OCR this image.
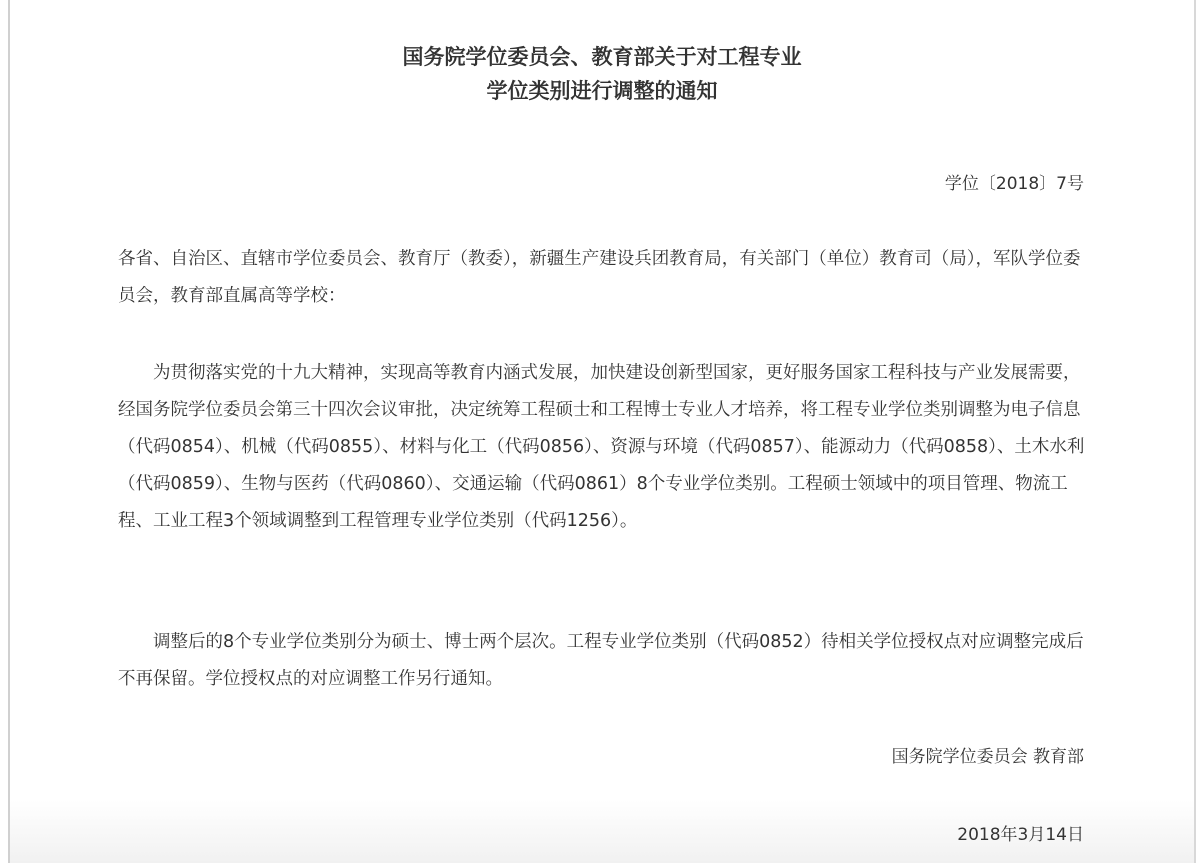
国务院学位委员会、教育部关于对工程专业
学位类别进行调整的通知
学位〔2018〕7号

各省、自治区、直辖市学位委员会、教育厅（教委），新疆生产建设兵团教育局，有关部门（单位）教育司（局），军队学位委员会，教育部直属高等学校：

为贯彻落实党的十九大精神，实现高等教育内涵式发展，加快建设创新型国家，更好服务国家工程科技与产业发展需要，经国务院学位委员会第三十四次会议审批，决定统筹工程硕士和工程博士专业人才培养，将工程专业学位类别调整为电子信息（代码0854）、机械（代码0855）、材料与化工（代码0856）、资源与环境（代码0857）、能源动力（代码0858）、土木水利（代码0859）、生物与医药（代码0860）、交通运输（代码0861）8个专业学位类别。工程硕士领域中的项目管理、物流工程、工业工程3个领域调整到工程管理专业学位类别（代码1256）。

调整后的8个专业学位类别分为硕士、博士两个层次。工程专业学位类别（代码0852）待相关学位授权点对应调整完成后不再保留。学位授权点的对应调整工作另行通知。

国务院学位委员会 教育部
2018年3月14日
